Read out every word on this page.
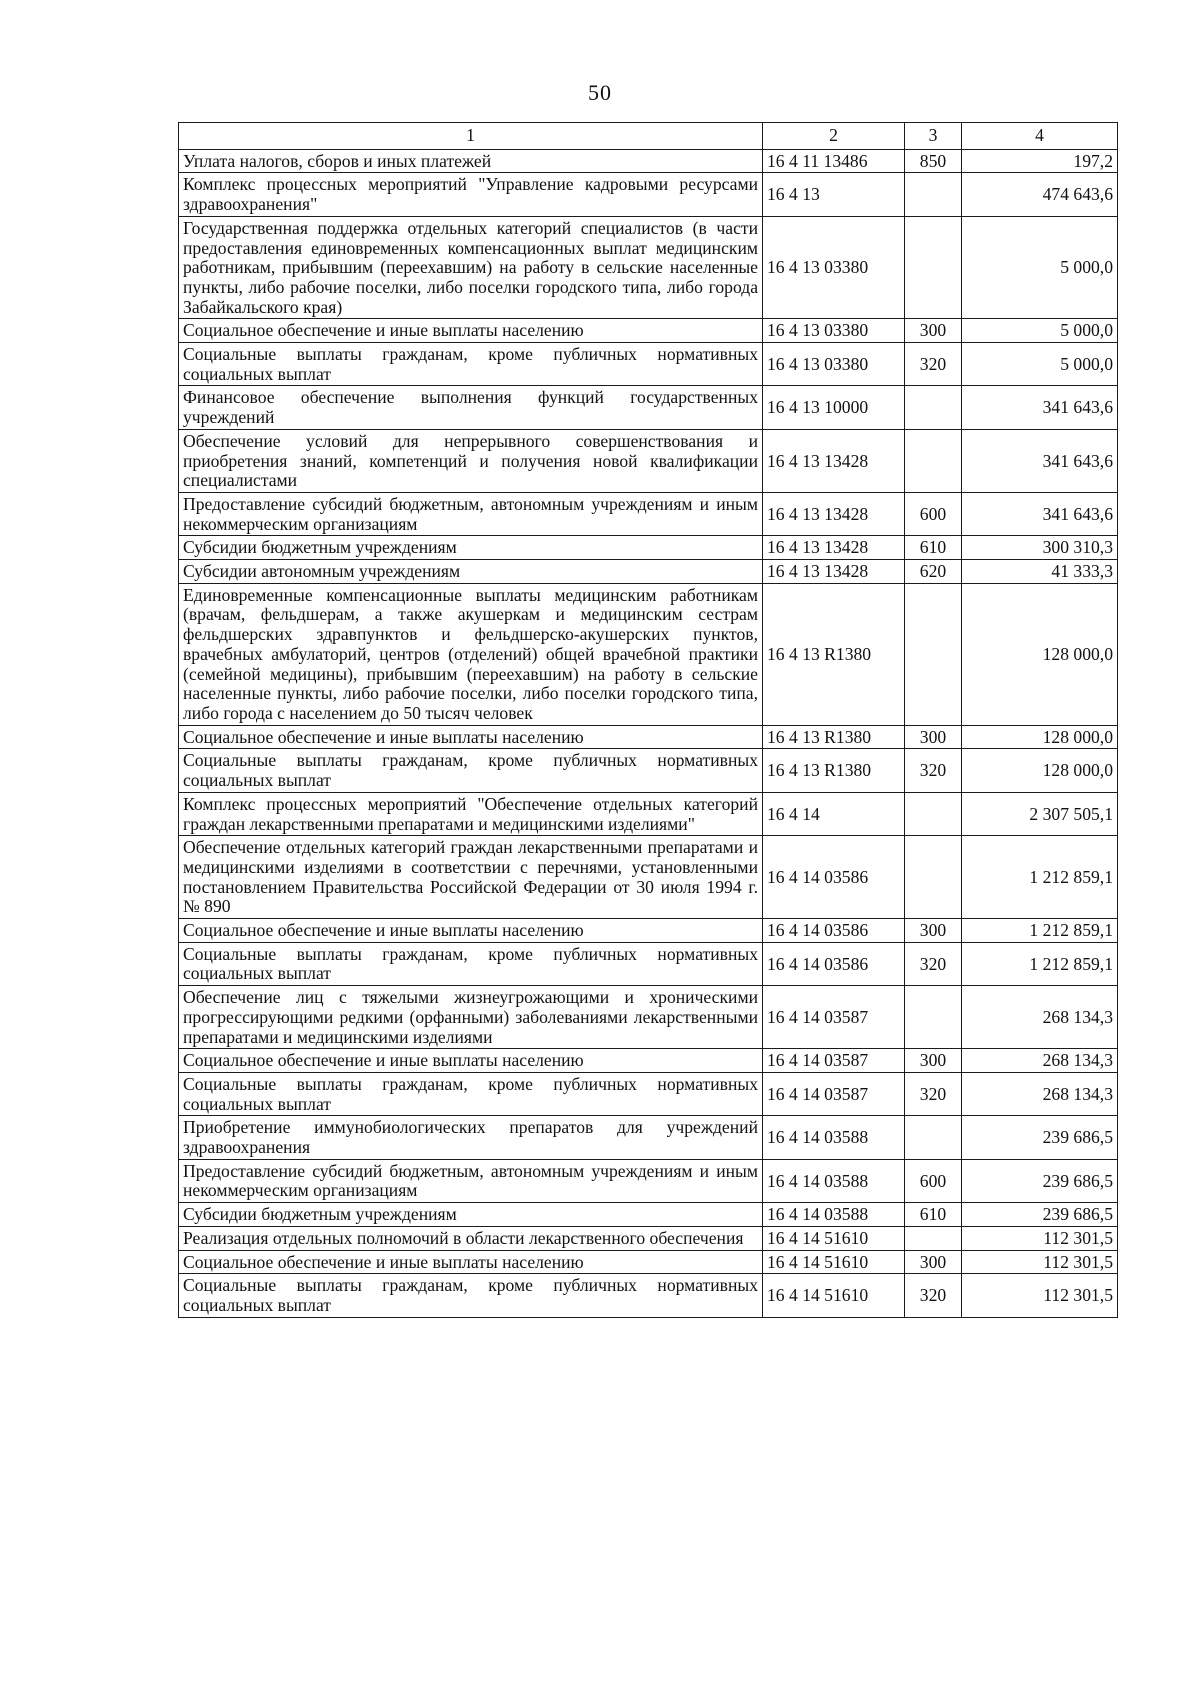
50
1	2	3	4
Уплата налогов, сборов и иных платежей	16 4 11 13486	850	197,2
Комплекс процессных мероприятий "Управление кадровыми ресурсами здравоохранения"	16 4 13		474 643,6
Государственная поддержка отдельных категорий специалистов (в части предоставления единовременных компенсационных выплат медицинским работникам, прибывшим (переехавшим) на работу в сельские населенные пункты, либо рабочие поселки, либо поселки городского типа, либо города Забайкальского края)	16 4 13 03380		5 000,0
Социальное обеспечение и иные выплаты населению	16 4 13 03380	300	5 000,0
Социальные выплаты гражданам, кроме публичных нормативных социальных выплат	16 4 13 03380	320	5 000,0
Финансовое обеспечение выполнения функций государственных учреждений	16 4 13 10000		341 643,6
Обеспечение условий для непрерывного совершенствования и приобретения знаний, компетенций и получения новой квалификации специалистами	16 4 13 13428		341 643,6
Предоставление субсидий бюджетным, автономным учреждениям и иным некоммерческим организациям	16 4 13 13428	600	341 643,6
Субсидии бюджетным учреждениям	16 4 13 13428	610	300 310,3
Субсидии автономным учреждениям	16 4 13 13428	620	41 333,3
Единовременные компенсационные выплаты медицинским работникам (врачам, фельдшерам, а также акушеркам и медицинским сестрам фельдшерских здравпунктов и фельдшерско-акушерских пунктов, врачебных амбулаторий, центров (отделений) общей врачебной практики (семейной медицины), прибывшим (переехавшим) на работу в сельские населенные пункты, либо рабочие поселки, либо поселки городского типа, либо города с населением до 50 тысяч человек	16 4 13 R1380		128 000,0
Социальное обеспечение и иные выплаты населению	16 4 13 R1380	300	128 000,0
Социальные выплаты гражданам, кроме публичных нормативных социальных выплат	16 4 13 R1380	320	128 000,0
Комплекс процессных мероприятий "Обеспечение отдельных категорий граждан лекарственными препаратами и медицинскими изделиями"	16 4 14		2 307 505,1
Обеспечение отдельных категорий граждан лекарственными препаратами и медицинскими изделиями в соответствии с перечнями, установленными постановлением Правительства Российской Федерации от 30 июля 1994 г. № 890	16 4 14 03586		1 212 859,1
Социальное обеспечение и иные выплаты населению	16 4 14 03586	300	1 212 859,1
Социальные выплаты гражданам, кроме публичных нормативных социальных выплат	16 4 14 03586	320	1 212 859,1
Обеспечение лиц с тяжелыми жизнеугрожающими и хроническими прогрессирующими редкими (орфанными) заболеваниями лекарственными препаратами и медицинскими изделиями	16 4 14 03587		268 134,3
Социальное обеспечение и иные выплаты населению	16 4 14 03587	300	268 134,3
Социальные выплаты гражданам, кроме публичных нормативных социальных выплат	16 4 14 03587	320	268 134,3
Приобретение иммунобиологических препаратов для учреждений здравоохранения	16 4 14 03588		239 686,5
Предоставление субсидий бюджетным, автономным учреждениям и иным некоммерческим организациям	16 4 14 03588	600	239 686,5
Субсидии бюджетным учреждениям	16 4 14 03588	610	239 686,5
Реализация отдельных полномочий в области лекарственного обеспечения	16 4 14 51610		112 301,5
Социальное обеспечение и иные выплаты населению	16 4 14 51610	300	112 301,5
Социальные выплаты гражданам, кроме публичных нормативных социальных выплат	16 4 14 51610	320	112 301,5
